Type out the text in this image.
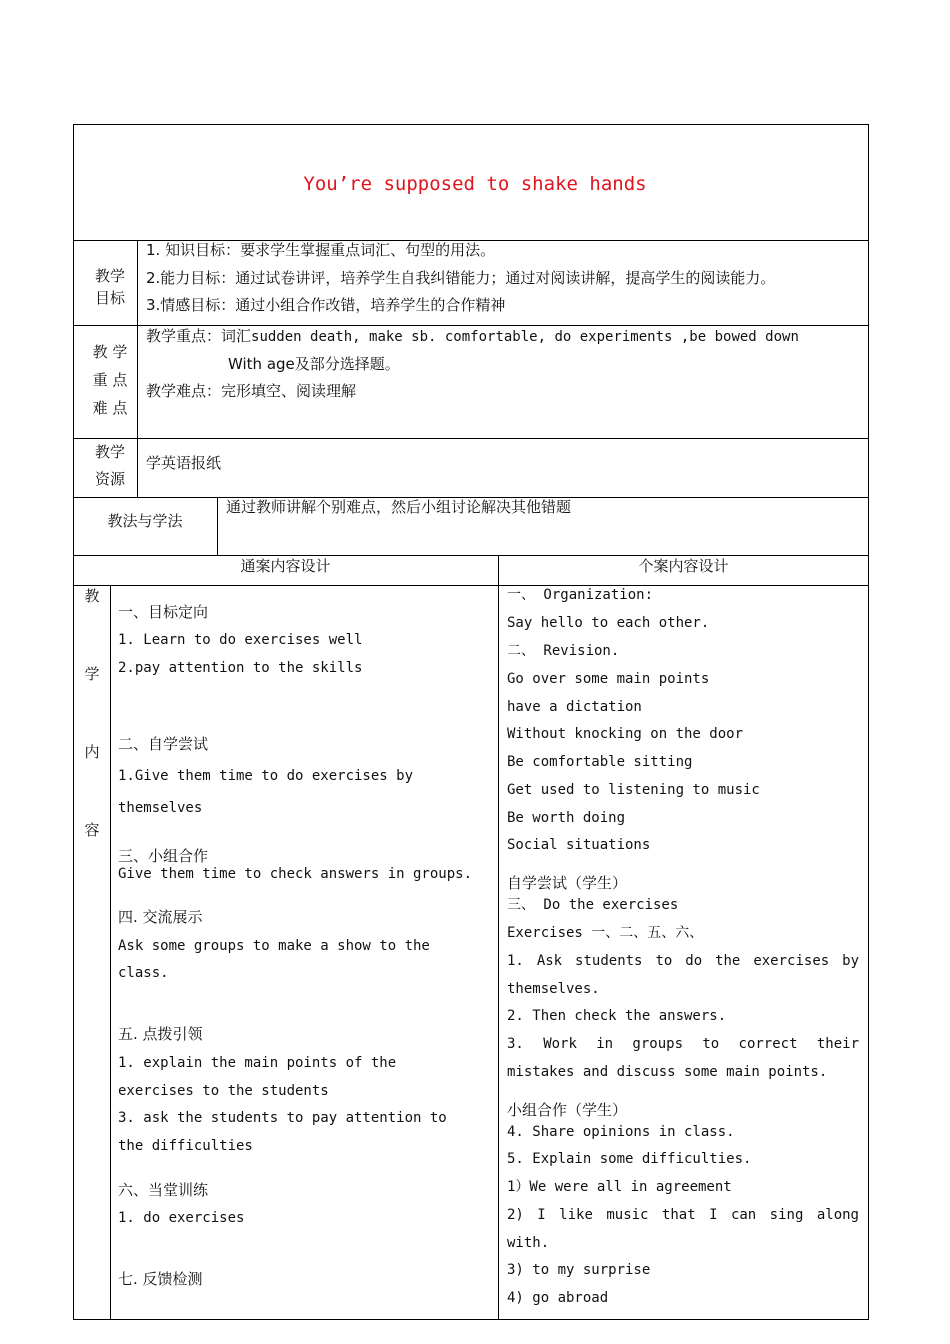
You’re supposed to shake hands
教学
目标
1. 知识目标：要求学生掌握重点词汇、句型的用法。
2.能力目标：通过试卷讲评，培养学生自我纠错能力；通过对阅读讲解，提高学生的阅读能力。
3.情感目标：通过小组合作改错，培养学生的合作精神
教 学
重 点
难 点
教学重点：词汇sudden death, make sb. comfortable, do experiments ,be bowed down
With age及部分选择题。
教学难点：完形填空、阅读理解
教学
资源
学英语报纸
教法与学法
通过教师讲解个别难点，然后小组讨论解决其他错题
通案内容设计	个案内容设计
教
学
内
容
一、目标定向
1. Learn to do exercises well
2.pay attention to the skills
二、自学尝试
1.Give them time to do exercises by
themselves
三、小组合作
Give them time to check answers in groups.
四. 交流展示
Ask some groups to make a show to the
class.
五. 点拨引领
1. explain the main points of the
exercises to the students
3. ask the students to pay attention to
the difficulties
六、当堂训练
1. do exercises
七. 反馈检测
一、 Organization:
Say hello to each other.
二、 Revision.
Go over some main points
have a dictation
Without knocking on the door
Be comfortable sitting
Get used to listening to music
Be worth doing
Social situations
自学尝试（学生）
三、 Do the exercises
Exercises 一、二、五、六、
1. Ask students to do the exercises by
themselves.
2. Then check the answers.
3. Work in groups to correct their
mistakes and discuss some main points.
小组合作（学生）
4. Share opinions in class.
5. Explain some difficulties.
1）We were all in agreement
2) I like music that I can sing along
with.
3) to my surprise
4) go abroad
